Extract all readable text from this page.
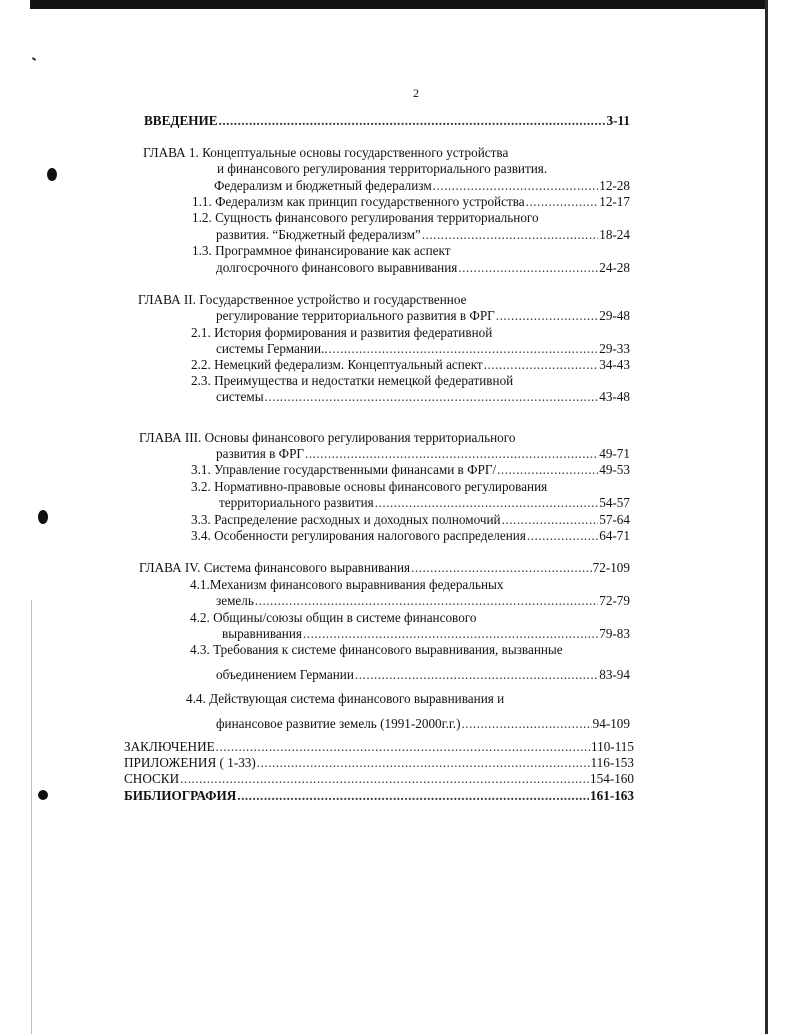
2
ВВЕДЕНИЕ .....	3-11
ГЛАВА 1. Концептуальные основы государственного устройства
и финансового регулирования территориального развития.
Федерализм и бюджетный федерализм .....	12-28
1.1. Федерализм как принцип государственного устройства .....	12-17
1.2. Сущность финансового регулирования территориального
развития. “Бюджетный федерализм” .....	18-24
1.3. Программное финансирование как аспект
долгосрочного финансового выравнивания .....	24-28
ГЛАВА II. Государственное устройство и государственное
регулирование территориального развития в ФРГ .....	29-48
2.1. История формирования и развития федеративной
системы Германии.. .....	29-33
2.2. Немецкий федерализм. Концептуальный аспект .....	34-43
2.3. Преимущества и недостатки немецкой федеративной
системы .....	43-48
ГЛАВА III. Основы финансового регулирования территориального
развития в ФРГ .....	49-71
3.1. Управление государственными финансами в ФРГ/ .....	49-53
3.2. Нормативно-правовые основы финансового регулирования
территориального развития .....	54-57
3.3. Распределение расходных и доходных полномочий .....	57-64
3.4. Особенности регулирования налогового распределения .....	64-71
ГЛАВА IV. Система финансового выравнивания .....	72-109
4.1.Механизм финансового выравнивания федеральных
земель .....	72-79
4.2. Общины/союзы общин в системе финансового
выравнивания .....	79-83
4.3. Требования к системе финансового выравнивания, вызванные
объединением Германии .....	83-94
4.4. Действующая система финансового выравнивания и
финансовое развитие земель (1991-2000г.г.) .....	94-109
ЗАКЛЮЧЕНИЕ .....	110-115
ПРИЛОЖЕНИЯ ( 1-33) .....	116-153
СНОСКИ .....	154-160
БИБЛИОГРАФИЯ .....	161-163
